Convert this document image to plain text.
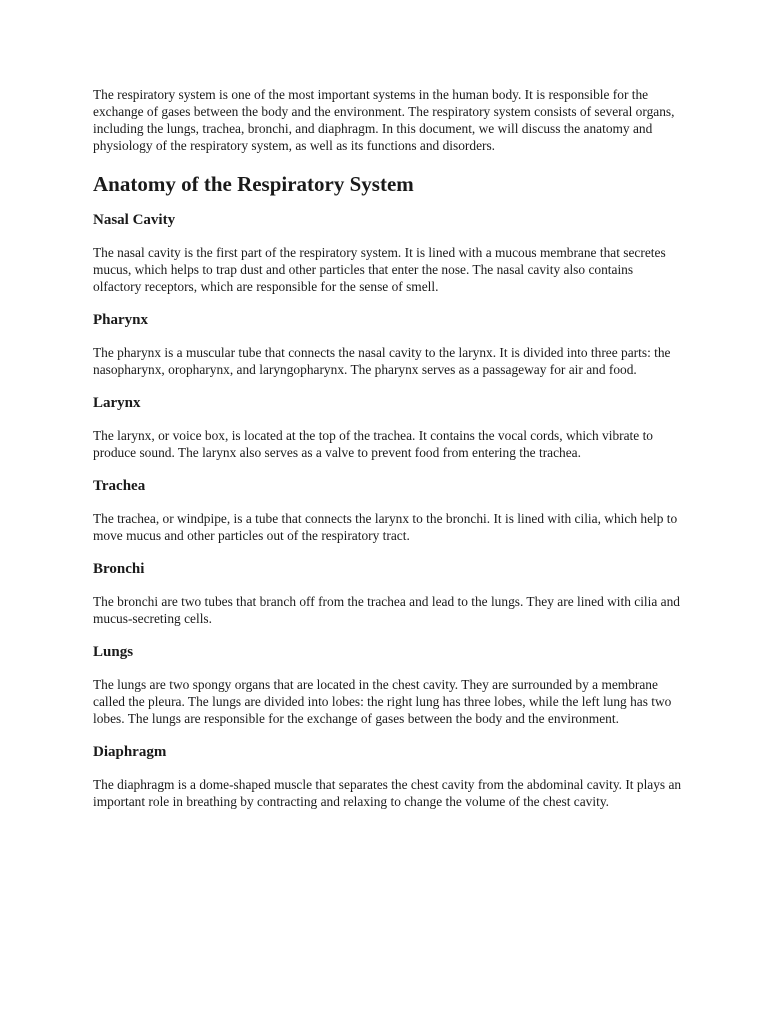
The respiratory system is one of the most important systems in the human body. It is responsible for the exchange of gases between the body and the environment. The respiratory system consists of several organs, including the lungs, trachea, bronchi, and diaphragm. In this document, we will discuss the anatomy and physiology of the respiratory system, as well as its functions and disorders.

Anatomy of the Respiratory System
Nasal Cavity

The nasal cavity is the first part of the respiratory system. It is lined with a mucous membrane that secretes mucus, which helps to trap dust and other particles that enter the nose. The nasal cavity also contains olfactory receptors, which are responsible for the sense of smell.

Pharynx

The pharynx is a muscular tube that connects the nasal cavity to the larynx. It is divided into three parts: the nasopharynx, oropharynx, and laryngopharynx. The pharynx serves as a passageway for air and food.

Larynx

The larynx, or voice box, is located at the top of the trachea. It contains the vocal cords, which vibrate to produce sound. The larynx also serves as a valve to prevent food from entering the trachea.

Trachea

The trachea, or windpipe, is a tube that connects the larynx to the bronchi. It is lined with cilia, which help to move mucus and other particles out of the respiratory tract.

Bronchi

The bronchi are two tubes that branch off from the trachea and lead to the lungs. They are lined with cilia and mucus-secreting cells.

Lungs

The lungs are two spongy organs that are located in the chest cavity. They are surrounded by a membrane called the pleura. The lungs are divided into lobes: the right lung has three lobes, while the left lung has two lobes. The lungs are responsible for the exchange of gases between the body and the environment.

Diaphragm

The diaphragm is a dome-shaped muscle that separates the chest cavity from the abdominal cavity. It plays an important role in breathing by contracting and relaxing to change the volume of the chest cavity.
